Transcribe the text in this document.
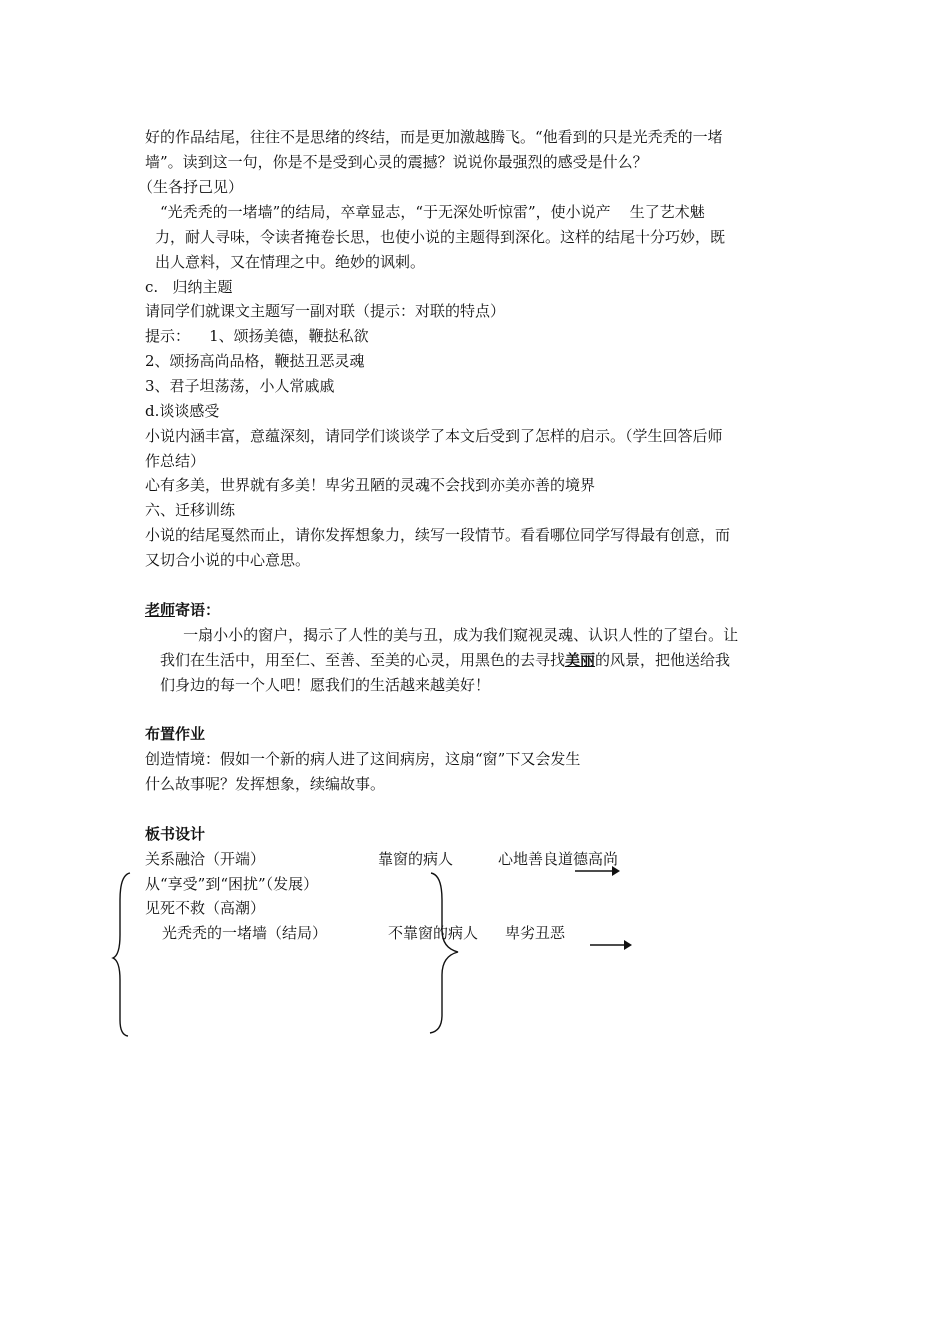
好的作品结尾，往往不是思绪的终结，而是更加激越腾飞。“他看到的只是光秃秃的一堵
墙”。读到这一句，你是不是受到心灵的震撼？说说你最强烈的感受是什么？
（生各抒己见）
“光秃秃的一堵墙”的结局，卒章显志，“于无深处听惊雷”，使小说产    生了艺术魅
力，耐人寻味，令读者掩卷长思，也使小说的主题得到深化。这样的结尾十分巧妙，既
出人意料，又在情理之中。绝妙的讽刺。
c.   归纳主题
请同学们就课文主题写一副对联（提示：对联的特点）
提示：    1、颂扬美德，鞭挞私欲
2、颂扬高尚品格，鞭挞丑恶灵魂
3、君子坦荡荡，小人常戚戚
d.谈谈感受
小说内涵丰富，意蕴深刻，请同学们谈谈学了本文后受到了怎样的启示。（学生回答后师
作总结）
心有多美，世界就有多美！卑劣丑陋的灵魂不会找到亦美亦善的境界
六、迁移训练
小说的结尾戛然而止，请你发挥想象力，续写一段情节。看看哪位同学写得最有创意，而
又切合小说的中心意思。
老师寄语：
一扇小小的窗户，揭示了人性的美与丑，成为我们窥视灵魂、认识人性的了望台。让
我们在生活中，用至仁、至善、至美的心灵，用黑色的去寻找美丽的风景，把他送给我
们身边的每一个人吧！愿我们的生活越来越美好！
布置作业
创造情境：假如一个新的病人进了这间病房，这扇“窗”下又会发生
什么故事呢？发挥想象，续编故事。
板书设计
关系融洽（开端）
从“享受”到“困扰”（发展）
见死不救（高潮）
光秃秃的一堵墙（结局）
靠窗的病人
不靠窗的病人
心地善良道德高尚
卑劣丑恶
